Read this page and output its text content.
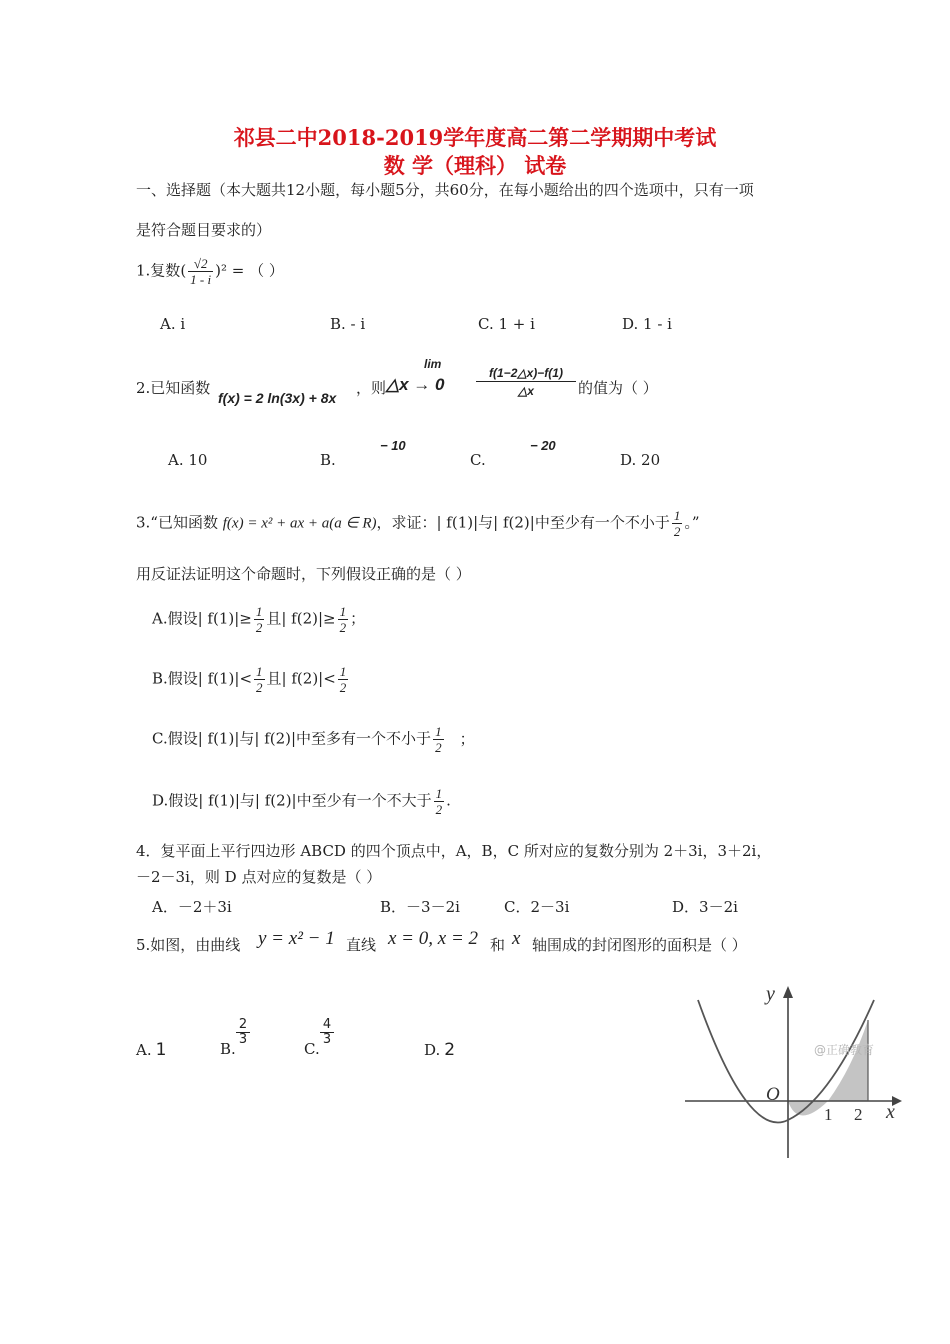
祁县二中2018-2019学年度高二第二学期期中考试
数 学（理科） 试卷
一、选择题（本大题共12小题，每小题5分，共60分，在每小题给出的四个选项中，只有一项
是符合题目要求的）
1.复数( $\frac{√2}{1 - i} )^2$ = （ ）
A. i	B. - i	C. 1 + i	D. 1 - i
2.已知函数
f(x) = 2 ln(3x) + 8x
，则
lim
△x → 0	$\frac{f(1-2\triangle x)-f(1)}{\triangle x}$ 的值为（ ）
A. 10	B.
− 10
C.
− 20
D. 20
3.“已知函数 f(x) = x² + ax + a(a ∈ R)，求证：| f(1)|与| f(2)|中至少有一个不小于 $\frac{1}{2}$ 。”
用反证法证明这个命题时，下列假设正确的是（ ）
A.假设| $f(1)|\ge \frac{1}{2}$ 且| $f(2)|\ge \frac{1}{2}$ ；
B.假设| $f(1)|< \frac{1}{2}$ 且| $f(2)|< \frac{1}{2}$
C.假设| f(1)|与| f(2)|中至多有一个不小于 $\frac{1}{2}$ ；
D.假设| f(1)|与| f(2)|中至少有一个不大于 $\frac{1}{2}$ .
4．复平面上平行四边形 ABCD 的四个顶点中，A，B，C 所对应的复数分别为 2＋3i，3＋2i，
－2－3i，则 D 点对应的复数是（ ）
A．－2＋3i	B．－3－2i	C．2－3i	D．3－2i
5.如图，由曲线 y = x² − 1 直线 x = 0, x = 2 和 x 轴围成的封闭图形的面积是（ ）
A. 1	B.
2
3
C.
4
3
D. 2
y
x
O
1 2
@正确教育
